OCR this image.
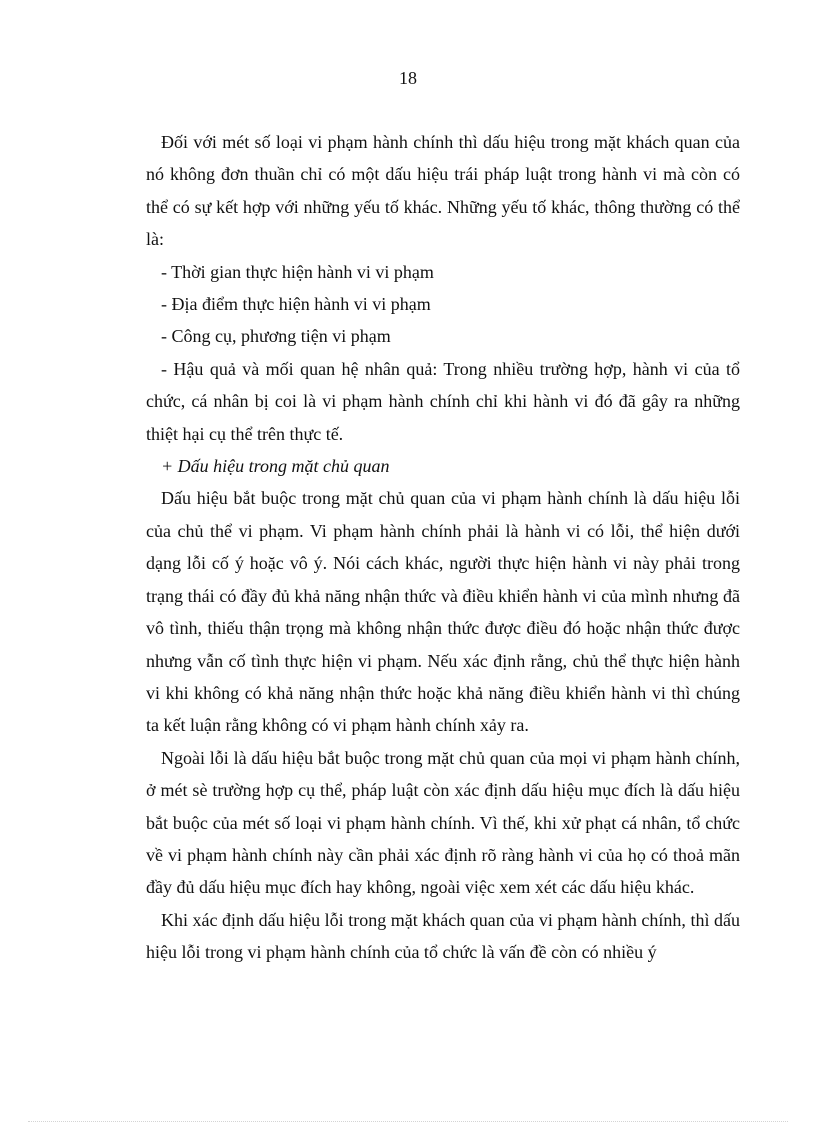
18

Đối với mét số loại vi phạm hành chính thì dấu hiệu trong mặt khách quan của nó không đơn thuần chỉ có một dấu hiệu trái pháp luật trong hành vi mà còn có thể có sự kết hợp với những yếu tố khác. Những yếu tố khác, thông thường có thể là:

- Thời gian thực hiện hành vi vi phạm

- Địa điểm thực hiện hành vi vi phạm

- Công cụ, phương tiện vi phạm

- Hậu quả và mối quan hệ nhân quả: Trong nhiều trường hợp, hành vi của tổ chức, cá nhân bị coi là vi phạm hành chính chỉ khi hành vi đó đã gây ra những thiệt hại cụ thể trên thực tế.

+ Dấu hiệu trong mặt chủ quan

Dấu hiệu bắt buộc trong mặt chủ quan của vi phạm hành chính là dấu hiệu lỗi của chủ thể vi phạm. Vi phạm hành chính phải là hành vi có lỗi, thể hiện dưới dạng lỗi cố ý hoặc vô ý. Nói cách khác, người thực hiện hành vi này phải trong trạng thái có đầy đủ khả năng nhận thức và điều khiển hành vi của mình nhưng đã vô tình, thiếu thận trọng mà không nhận thức được điều đó hoặc nhận thức được nhưng vẫn cố tình thực hiện vi phạm. Nếu xác định rằng, chủ thể thực hiện hành vi khi không có khả năng nhận thức hoặc khả năng điều khiển hành vi thì chúng ta kết luận rằng không có vi phạm hành chính xảy ra.

Ngoài lỗi là dấu hiệu bắt buộc trong mặt chủ quan của mọi vi phạm hành chính, ở mét sè trường hợp cụ thể, pháp luật còn xác định dấu hiệu mục đích là dấu hiệu bắt buộc của mét số loại vi phạm hành chính. Vì thế, khi xử phạt cá nhân, tổ chức về vi phạm hành chính này cần phải xác định rõ ràng hành vi của họ có thoả mãn đầy đủ dấu hiệu mục đích hay không, ngoài việc xem xét các dấu hiệu khác.

Khi xác định dấu hiệu lỗi trong mặt khách quan của vi phạm hành chính, thì dấu hiệu lỗi trong vi phạm hành chính của tổ chức là vấn đề còn có nhiều ý
